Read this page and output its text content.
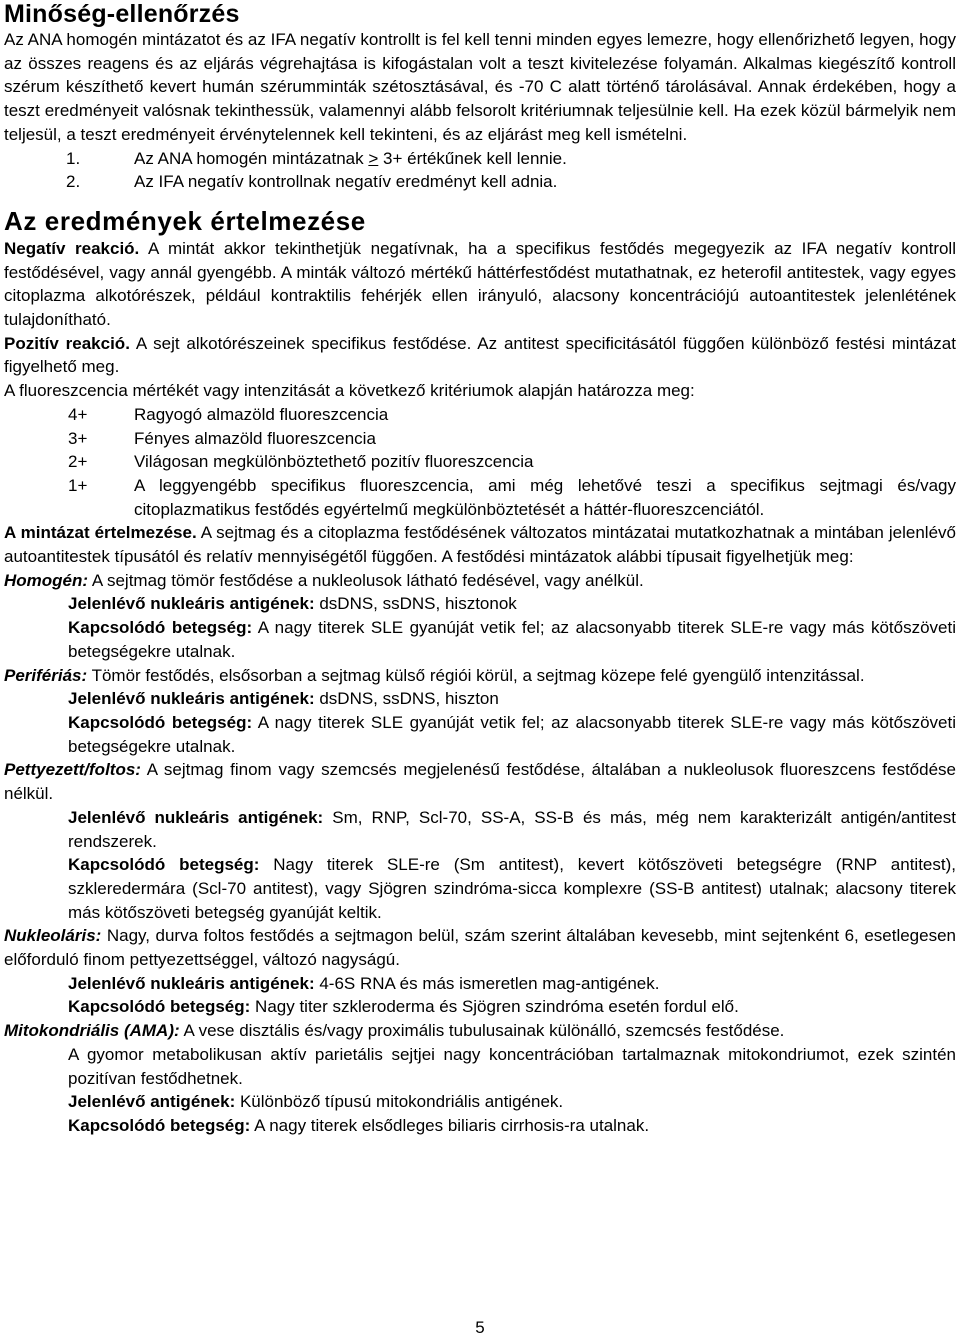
Minőség-ellenőrzés

Az ANA homogén mintázatot és az IFA negatív kontrollt is fel kell tenni minden egyes lemezre, hogy ellenőrizhető legyen, hogy az összes reagens és az eljárás végrehajtása is kifogástalan volt a teszt kivitelezése folyamán. Alkalmas kiegészítő kontroll szérum készíthető kevert humán szérumminták szétosztásával, és -70 C alatt történő tárolásával. Annak érdekében, hogy a teszt eredményeit valósnak tekinthessük, valamennyi alább felsorolt kritériumnak teljesülnie kell. Ha ezek közül bármelyik nem teljesül, a teszt eredményeit érvénytelennek kell tekinteni, és az eljárást meg kell ismételni.

1.	Az ANA homogén mintázatnak > 3+ értékűnek kell lennie.
2.	Az IFA negatív kontrollnak negatív eredményt kell adnia.
Az eredmények értelmezése

Negatív reakció. A mintát akkor tekinthetjük negatívnak, ha a specifikus festődés megegyezik az IFA negatív kontroll festődésével, vagy annál gyengébb. A minták változó mértékű háttérfestődést mutathatnak, ez heterofil antitestek, vagy egyes citoplazma alkotórészek, például kontraktilis fehérjék ellen irányuló, alacsony koncentrációjú autoantitestek jelenlétének tulajdonítható.

Pozitív reakció. A sejt alkotórészeinek specifikus festődése. Az antitest specificitásától függően különböző festési mintázat figyelhető meg.

A fluoreszcencia mértékét vagy intenzitását a következő kritériumok alapján határozza meg:

4+	Ragyogó almazöld fluoreszcencia
3+	Fényes almazöld fluoreszcencia
2+	Világosan megkülönböztethető pozitív fluoreszcencia
1+	A leggyengébb specifikus fluoreszcencia, ami még lehetővé teszi a specifikus sejtmagi és/vagy citoplazmatikus festődés egyértelmű megkülönböztetését a háttér-fluoreszcenciától.

A mintázat értelmezése. A sejtmag és a citoplazma festődésének változatos mintázatai mutatkozhatnak a mintában jelenlévő autoantitestek típusától és relatív mennyiségétől függően. A festődési mintázatok alábbi típusait figyelhetjük meg:

Homogén: A sejtmag tömör festődése a nukleolusok látható fedésével, vagy anélkül.

Jelenlévő nukleáris antigének: dsDNS, ssDNS, hisztonok

Kapcsolódó betegség: A nagy titerek SLE gyanúját vetik fel; az alacsonyabb titerek SLE-re vagy más kötőszöveti betegségekre utalnak.

Perifériás: Tömör festődés, elsősorban a sejtmag külső régiói körül, a sejtmag közepe felé gyengülő intenzitással.

Jelenlévő nukleáris antigének: dsDNS, ssDNS, hiszton

Kapcsolódó betegség: A nagy titerek SLE gyanúját vetik fel; az alacsonyabb titerek SLE-re vagy más kötőszöveti betegségekre utalnak.

Pettyezett/foltos: A sejtmag finom vagy szemcsés megjelenésű festődése, általában a nukleolusok fluoreszcens festődése nélkül.

Jelenlévő nukleáris antigének: Sm, RNP, Scl-70, SS-A, SS-B és más, még nem karakterizált antigén/antitest rendszerek.

Kapcsolódó betegség: Nagy titerek SLE-re (Sm antitest), kevert kötőszöveti betegségre (RNP antitest), szkleredermára (Scl-70 antitest), vagy Sjögren szindróma-sicca komplexre (SS-B antitest) utalnak; alacsony titerek más kötőszöveti betegség gyanúját keltik.

Nukleoláris: Nagy, durva foltos festődés a sejtmagon belül, szám szerint általában kevesebb, mint sejtenként 6, esetlegesen előforduló finom pettyezettséggel, változó nagyságú.

Jelenlévő nukleáris antigének: 4-6S RNA és más ismeretlen mag-antigének.

Kapcsolódó betegség: Nagy titer szkleroderma és Sjögren szindróma esetén fordul elő.

Mitokondriális (AMA): A vese disztális és/vagy proximális tubulusainak különálló, szemcsés festődése.

A gyomor metabolikusan aktív parietális sejtjei nagy koncentrációban tartalmaznak mitokondriumot, ezek szintén pozitívan festődhetnek.

Jelenlévő antigének: Különböző típusú mitokondriális antigének.

Kapcsolódó betegség: A nagy titerek elsődleges biliaris cirrhosis-ra utalnak.

5
